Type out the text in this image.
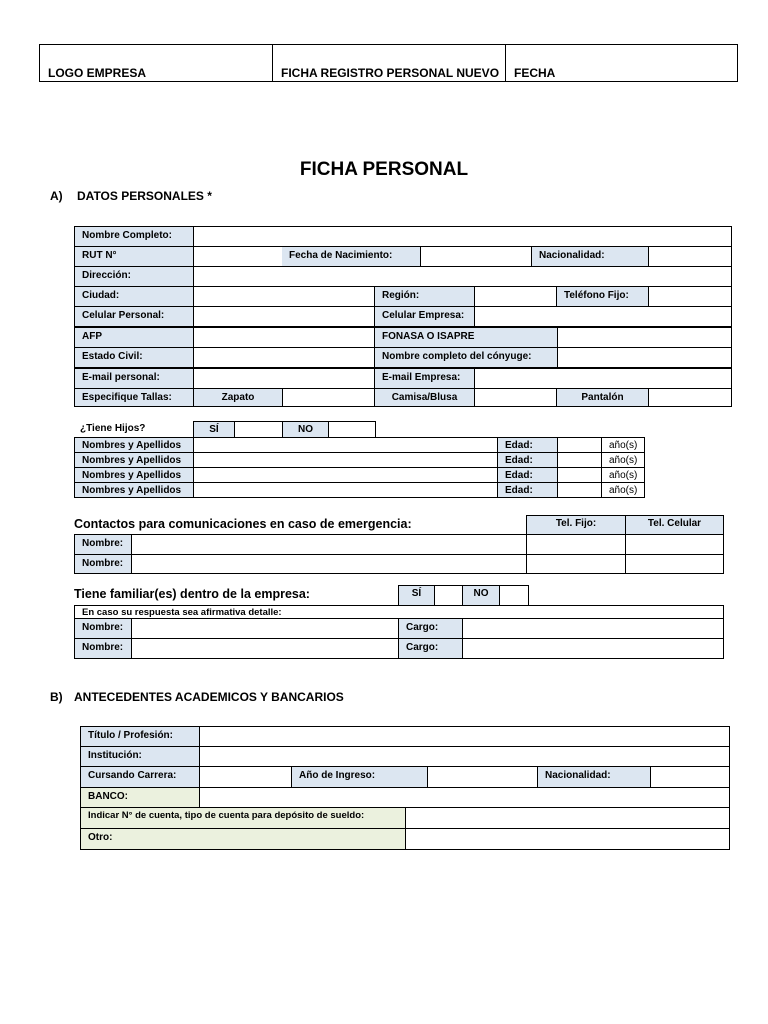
LOGO EMPRESA	FICHA REGISTRO PERSONAL NUEVO	FECHA
FICHA PERSONAL
A) DATOS PERSONALES *
Nombre Completo:
RUT N°	Fecha de Nacimiento:	Nacionalidad:
Dirección:
Ciudad:	Región:	Teléfono Fijo:
Celular Personal:	Celular Empresa:
AFP	FONASA O ISAPRE
Estado Civil:	Nombre completo del cónyuge:
E-mail personal:	E-mail Empresa:
Especifique Tallas:	Zapato	Camisa/Blusa	Pantalón
¿Tiene Hijos?	SÍ	NO
Nombres y Apellidos	Edad:	año(s)
Nombres y Apellidos	Edad:	año(s)
Nombres y Apellidos	Edad:	año(s)
Nombres y Apellidos	Edad:	año(s)
Contactos para comunicaciones en caso de emergencia:	Tel. Fijo:	Tel. Celular
Nombre:
Nombre:
Tiene familiar(es) dentro de la empresa:	SÍ	NO
En caso su respuesta sea afirmativa detalle:
Nombre:	Cargo:
Nombre:	Cargo:
B) ANTECEDENTES ACADEMICOS Y BANCARIOS
Título / Profesión:
Institución:
Cursando Carrera:	Año de Ingreso:	Nacionalidad:
BANCO:
Indicar N° de cuenta, tipo de cuenta para depósito de sueldo:
Otro:
